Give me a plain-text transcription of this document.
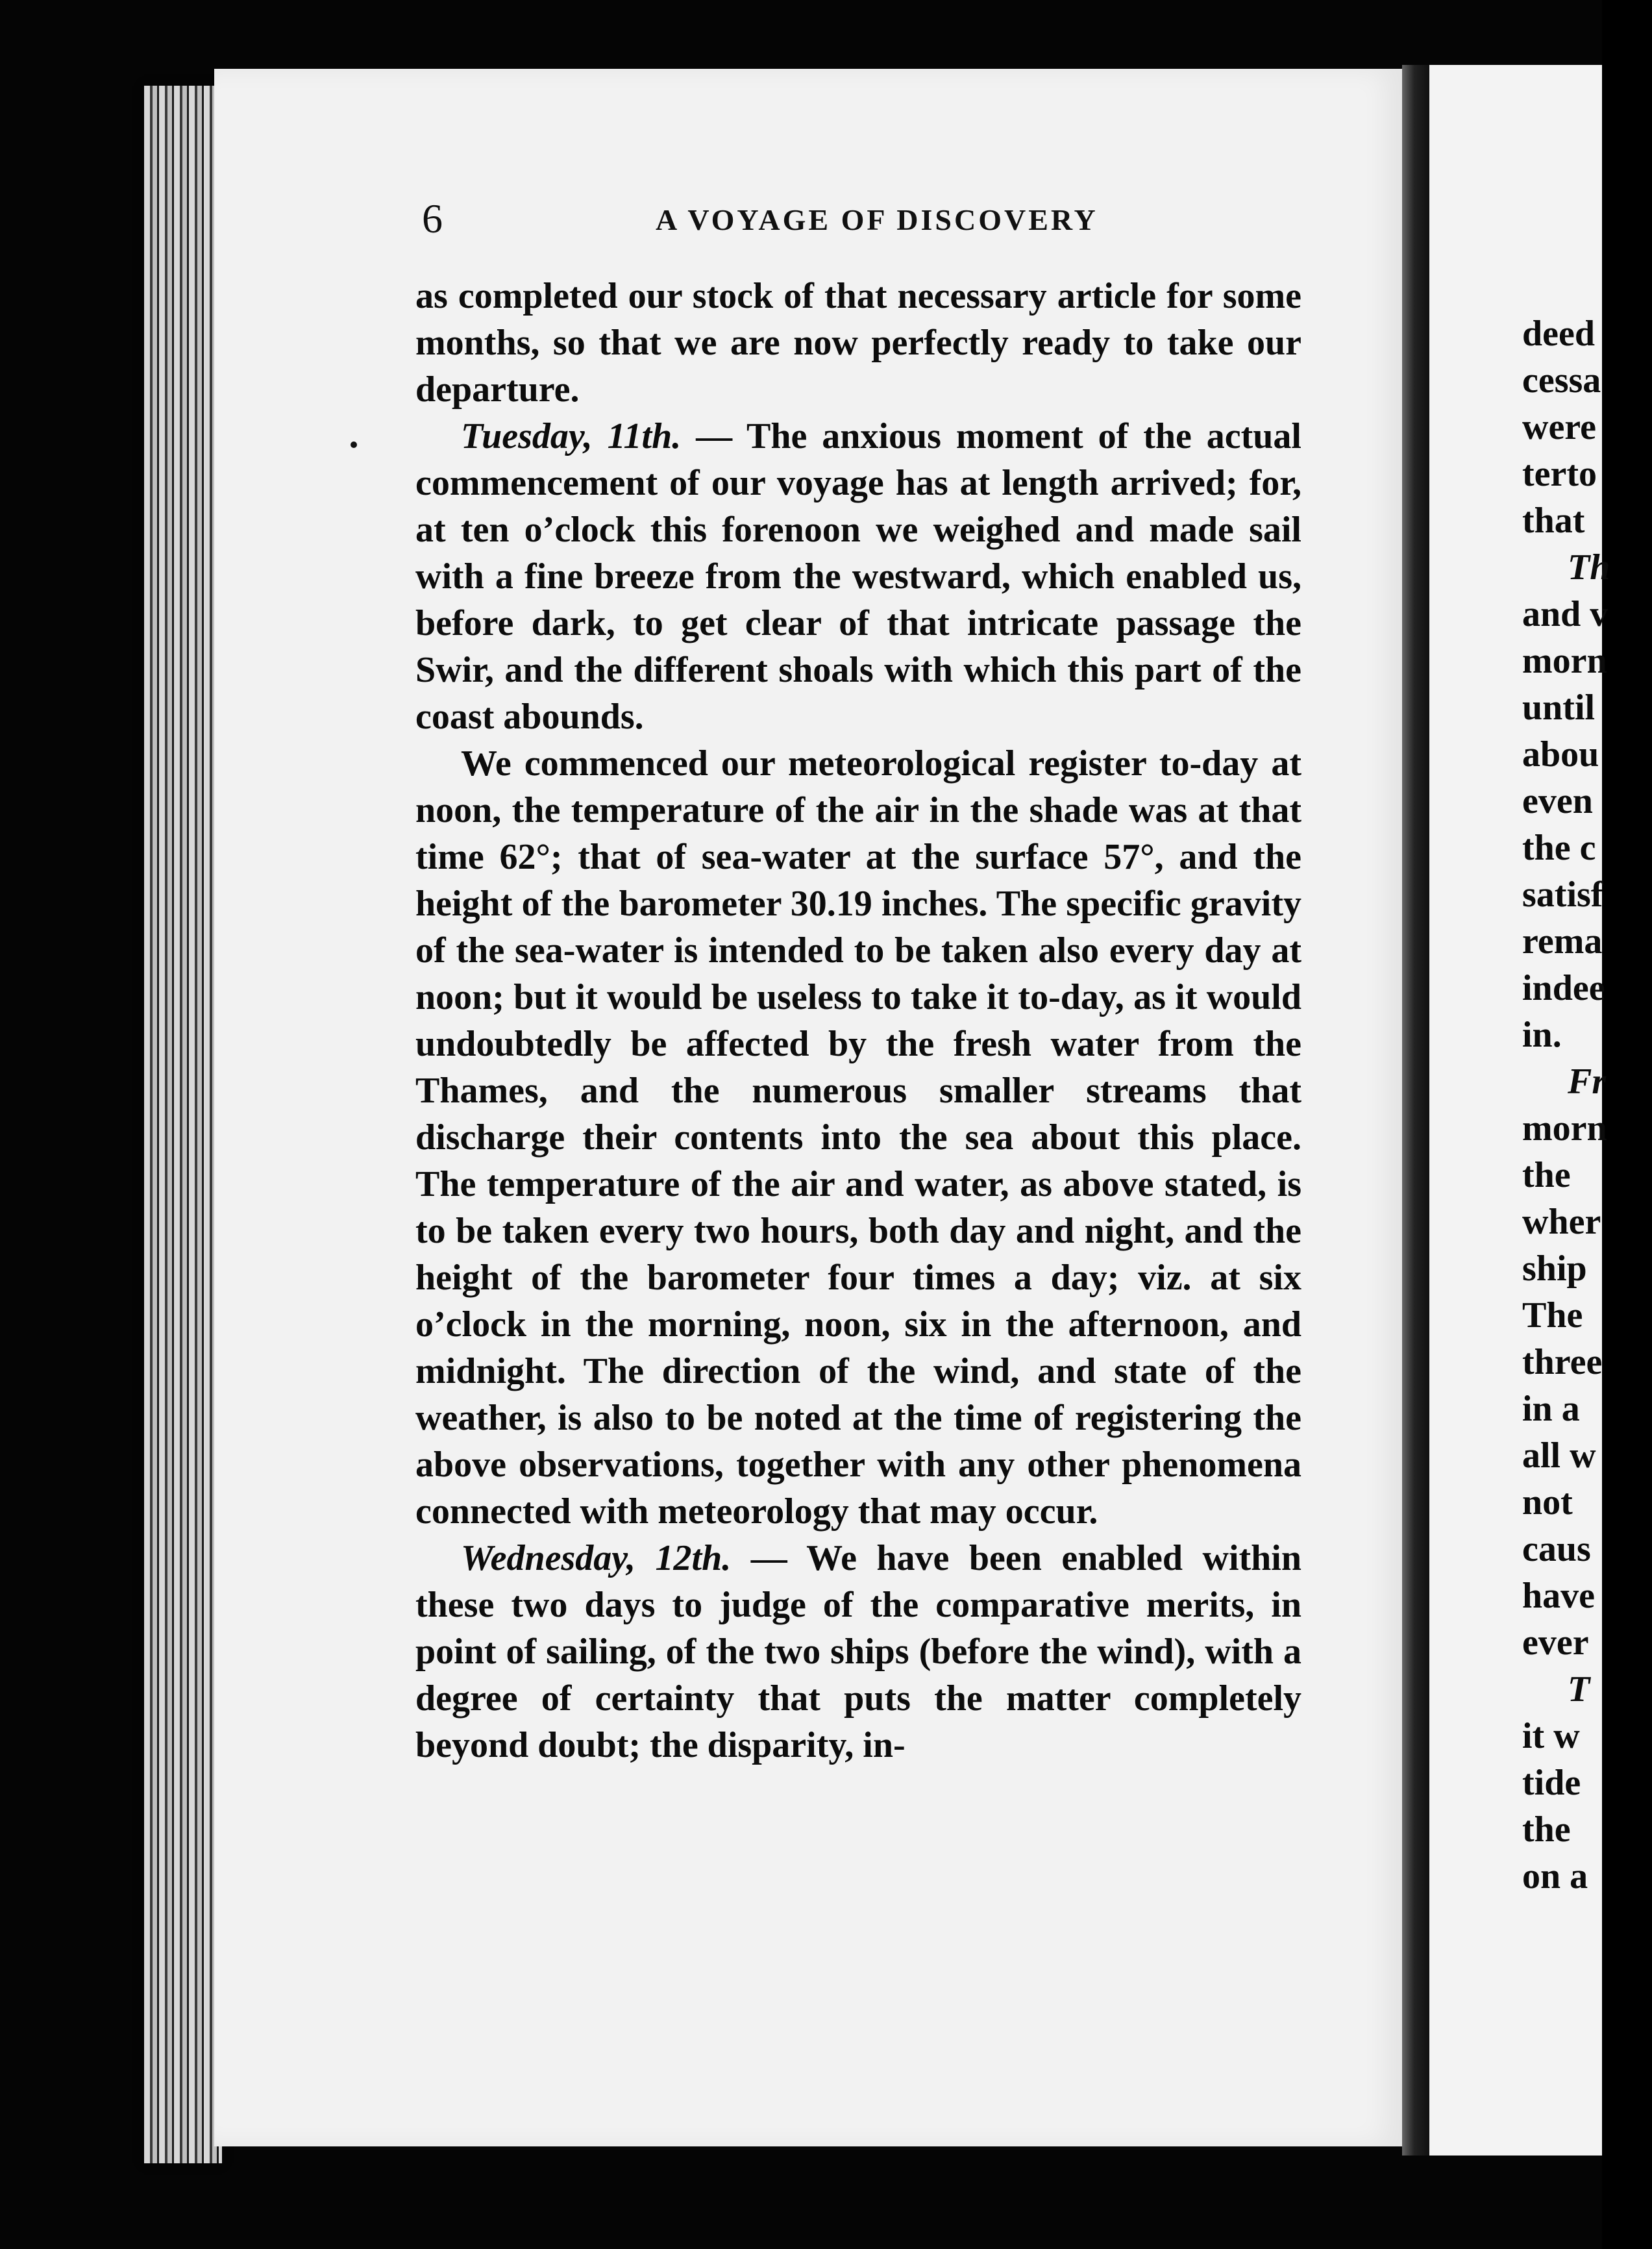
6	A VOYAGE OF DISCOVERY

as completed our stock of that necessary article for some months, so that we are now perfectly ready to take our departure.

Tuesday, 11th. — The anxious moment of the actual commencement of our voyage has at length arrived; for, at ten o’clock this forenoon we weighed and made sail with a fine breeze from the westward, which enabled us, before dark, to get clear of that intricate passage the Swir, and the different shoals with which this part of the coast abounds.

We commenced our meteorological register to-day at noon, the temperature of the air in the shade was at that time 62°; that of sea-water at the surface 57°, and the height of the barometer 30.19 inches. The specific gravity of the sea-water is intended to be taken also every day at noon; but it would be useless to take it to-day, as it would undoubtedly be affected by the fresh water from the Thames, and the numerous smaller streams that discharge their contents into the sea about this place. The temperature of the air and water, as above stated, is to be taken every two hours, both day and night, and the height of the barometer four times a day; viz. at six o’clock in the morning, noon, six in the afternoon, and midnight. The direction of the wind, and state of the weather, is also to be noted at the time of registering the above observations, together with any other phenomena connected with meteorology that may occur.

Wednesday, 12th. — We have been enabled within these two days to judge of the comparative merits, in point of sailing, of the two ships (before the wind), with a degree of certainty that puts the matter completely beyond doubt; the disparity, in-

deed
cessa
were
terto
that
Th
and v
morn
until
abou
even
the c
satisf
rema
indee
in.
Fr
morn
the
wher
ship
The
three
in a
all w
not
caus
have
ever
T
it w
tide
the
on a
